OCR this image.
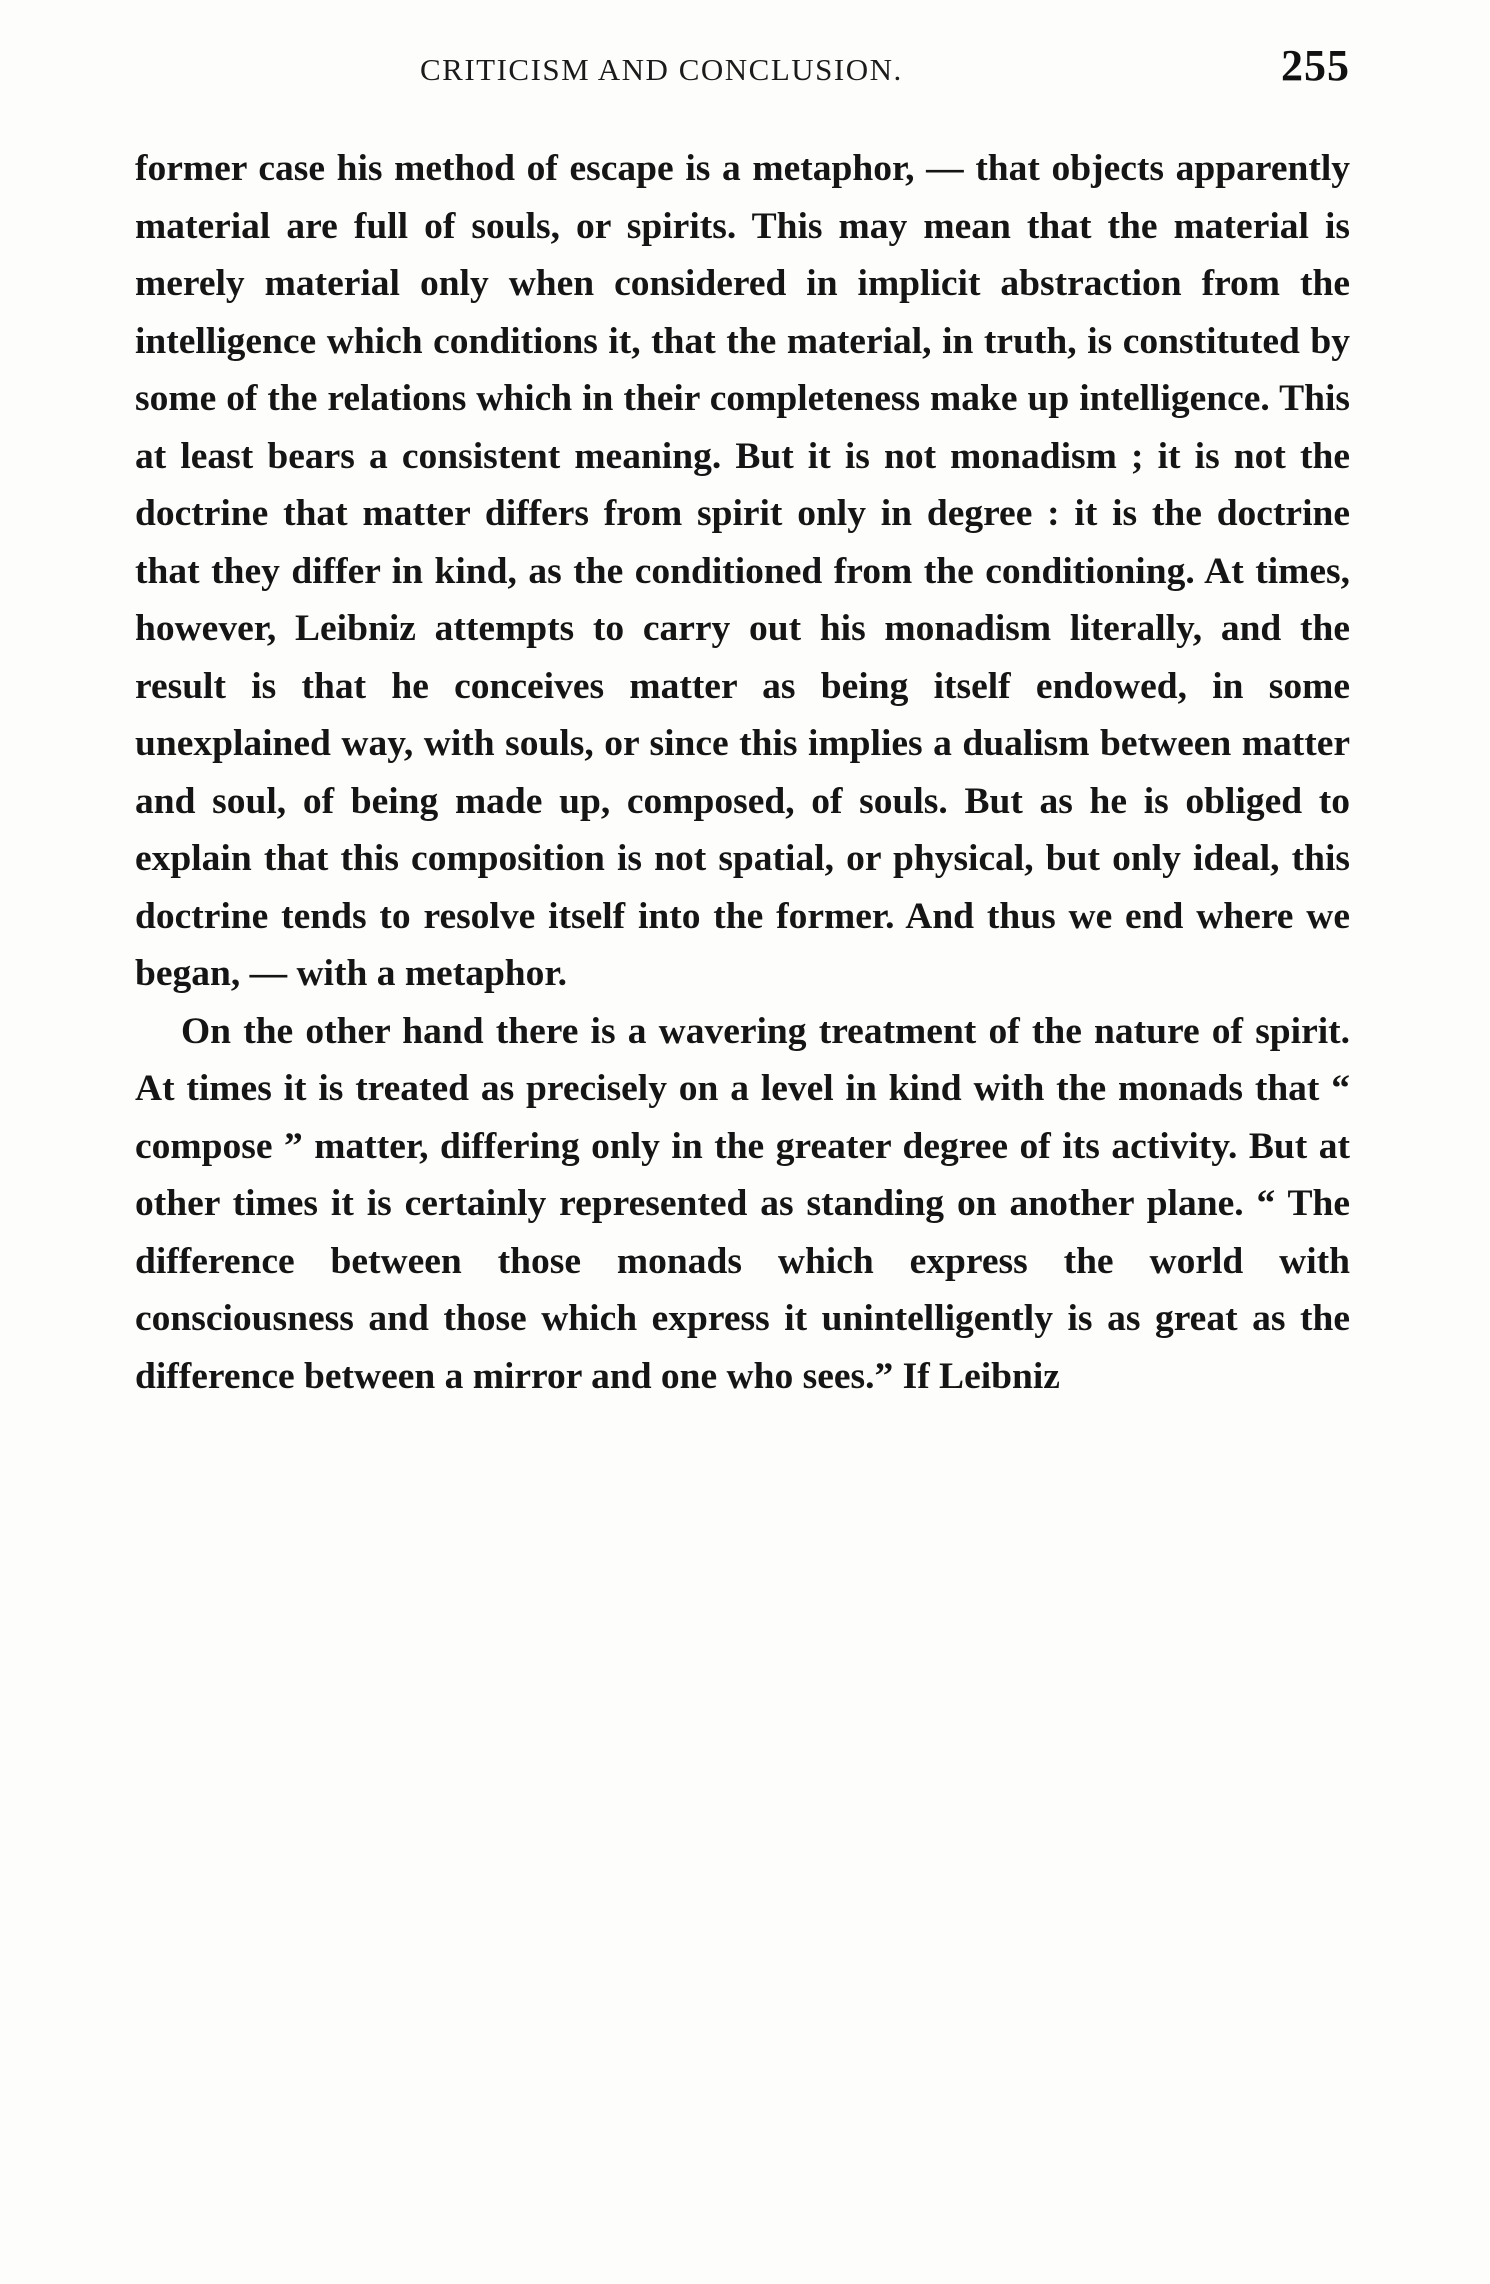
CRITICISM AND CONCLUSION.	255

former case his method of escape is a metaphor, — that objects apparently material are full of souls, or spirits. This may mean that the material is merely material only when considered in implicit abstraction from the intelligence which conditions it, that the material, in truth, is constituted by some of the relations which in their completeness make up intelligence. This at least bears a consistent meaning. But it is not monadism ; it is not the doctrine that matter differs from spirit only in degree : it is the doctrine that they differ in kind, as the conditioned from the conditioning. At times, however, Leibniz attempts to carry out his monadism literally, and the result is that he conceives matter as being itself endowed, in some unexplained way, with souls, or since this implies a dualism between matter and soul, of being made up, composed, of souls. But as he is obliged to explain that this composition is not spatial, or physical, but only ideal, this doctrine tends to resolve itself into the former. And thus we end where we began, — with a metaphor.

On the other hand there is a wavering treatment of the nature of spirit. At times it is treated as precisely on a level in kind with the monads that “ compose ” matter, differing only in the greater degree of its activity. But at other times it is certainly represented as standing on another plane. “ The difference between those monads which express the world with consciousness and those which express it unintelligently is as great as the difference between a mirror and one who sees.” If Leibniz
